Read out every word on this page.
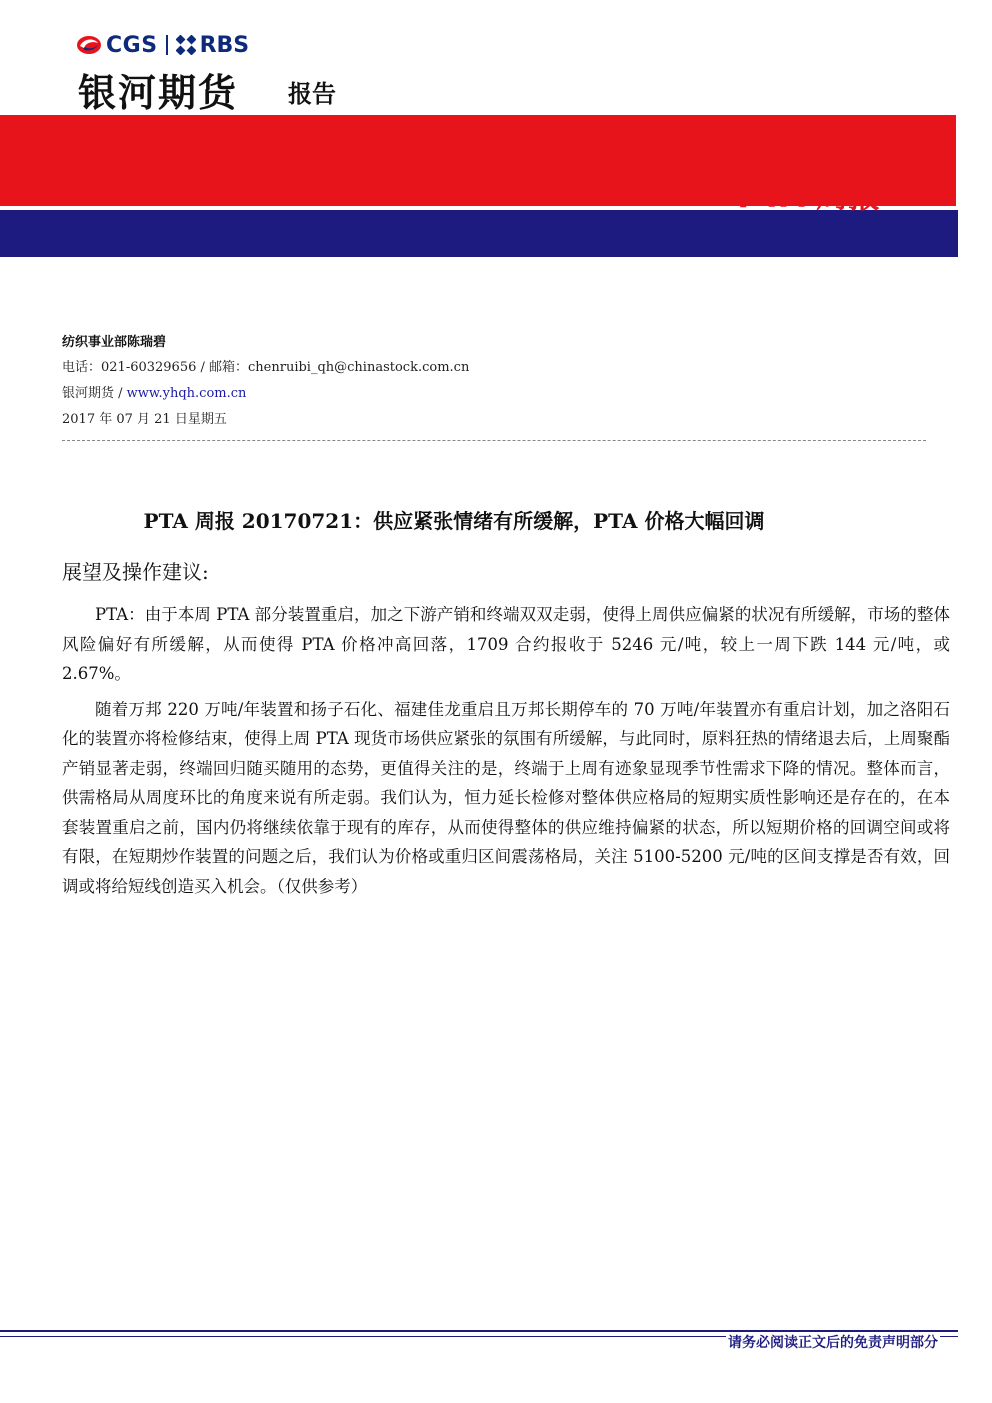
CGS RBS
银河期货 报告
PTA 周报
纺织事业部陈瑞碧
电话：021-60329656 / 邮箱：chenruibi_qh@chinastock.com.cn
银河期货 / www.yhqh.com.cn
2017 年 07 月 21 日星期五
PTA 周报 20170721：供应紧张情绪有所缓解，PTA 价格大幅回调
展望及操作建议:

PTA：由于本周 PTA 部分装置重启，加之下游产销和终端双双走弱，使得上周供应偏紧的状况有所缓解，市场的整体风险偏好有所缓解，从而使得 PTA 价格冲高回落，1709 合约报收于 5246 元/吨，较上一周下跌 144 元/吨，或 2.67%。

随着万邦 220 万吨/年装置和扬子石化、福建佳龙重启且万邦长期停车的 70 万吨/年装置亦有重启计划，加之洛阳石化的装置亦将检修结束，使得上周 PTA 现货市场供应紧张的氛围有所缓解，与此同时，原料狂热的情绪退去后，上周聚酯产销显著走弱，终端回归随买随用的态势，更值得关注的是，终端于上周有迹象显现季节性需求下降的情况。整体而言，供需格局从周度环比的角度来说有所走弱。我们认为，恒力延长检修对整体供应格局的短期实质性影响还是存在的，在本套装置重启之前，国内仍将继续依靠于现有的库存，从而使得整体的供应维持偏紧的状态，所以短期价格的回调空间或将有限，在短期炒作装置的问题之后，我们认为价格或重归区间震荡格局，关注 5100-5200 元/吨的区间支撑是否有效，回调或将给短线创造买入机会。（仅供参考）

请务必阅读正文后的免责声明部分
